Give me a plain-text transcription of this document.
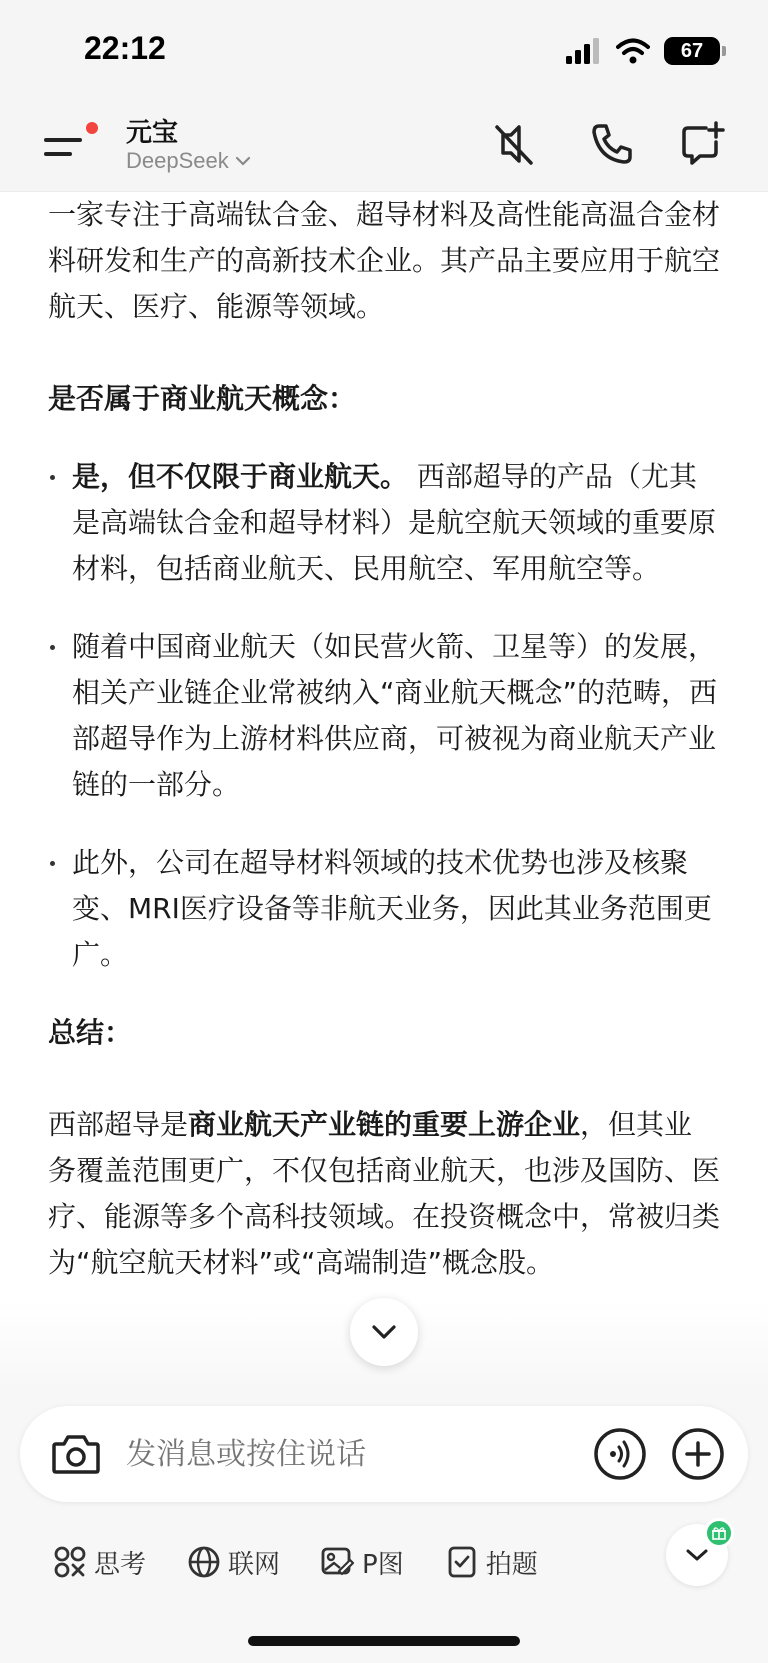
22:12	67
元宝
DeepSeek
一家专注于高端钛合金、超导材料及高性能高温合金材料研发和生产的高新技术企业。其产品主要应用于航空航天、医疗、能源等领域。
是否属于商业航天概念：
是，但不仅限于商业航天。 西部超导的产品（尤其是高端钛合金和超导材料）是航空航天领域的重要原材料，包括商业航天、民用航空、军用航空等。
随着中国商业航天（如民营火箭、卫星等）的发展，相关产业链企业常被纳入“商业航天概念”的范畴，西部超导作为上游材料供应商，可被视为商业航天产业链的一部分。
此外，公司在超导材料领域的技术优势也涉及核聚变、MRI医疗设备等非航天业务，因此其业务范围更广。
总结：
西部超导是商业航天产业链的重要上游企业，但其业务覆盖范围更广，不仅包括商业航天，也涉及国防、医疗、能源等多个高科技领域。在投资概念中，常被归类为“航空航天材料”或“高端制造”概念股。
发消息或按住说话
思考	联网	P图	拍题
